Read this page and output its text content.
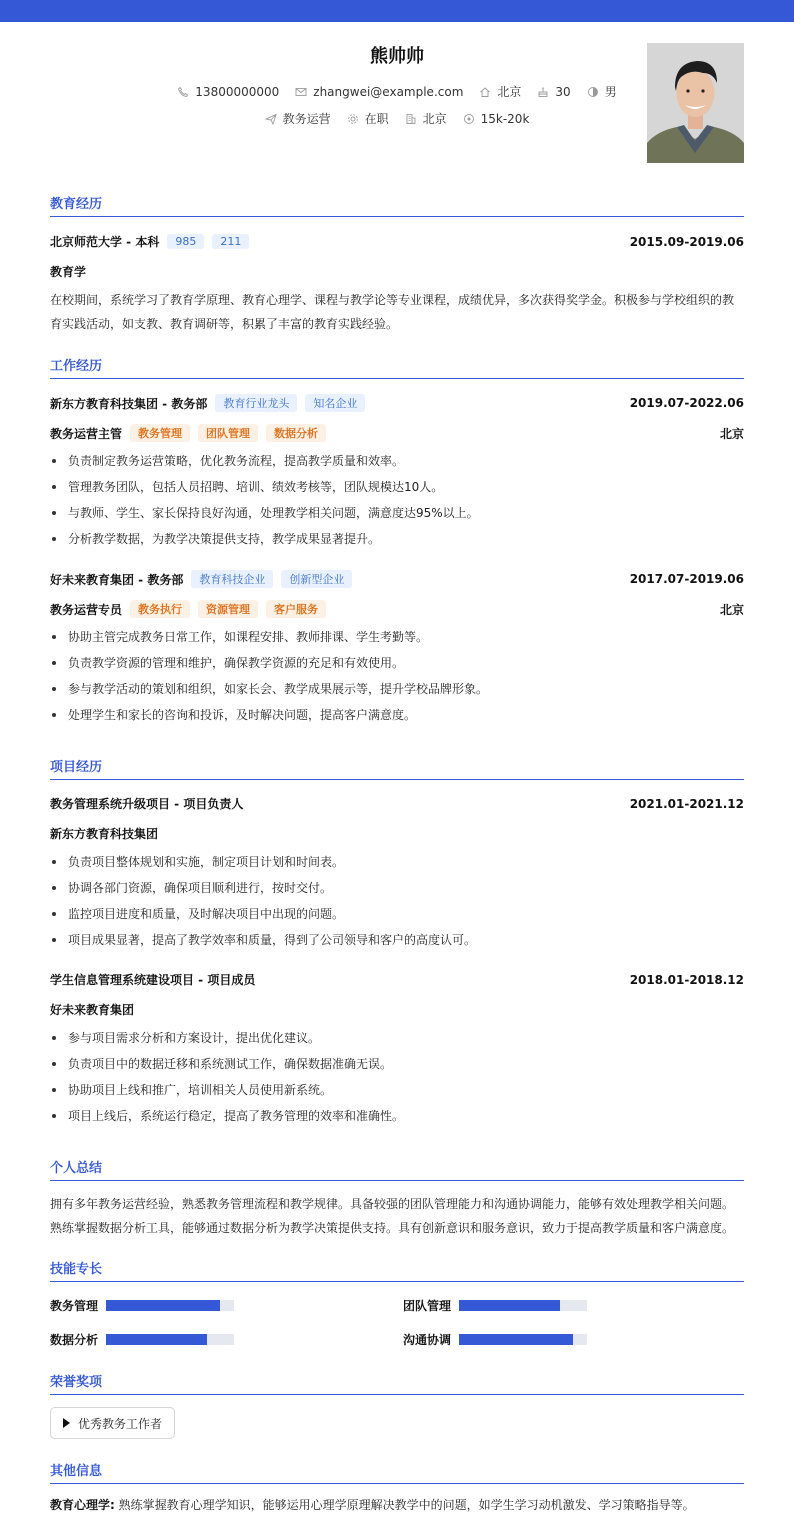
熊帅帅
13800000000	zhangwei@example.com	北京	30	男
教务运营	在职	北京	15k-20k
教育经历
北京师范大学 - 本科	985	211	2015.09-2019.06
教育学
在校期间，系统学习了教育学原理、教育心理学、课程与教学论等专业课程，成绩优异，多次获得奖学金。积极参与学校组织的教育实践活动，如支教、教育调研等，积累了丰富的教育实践经验。
工作经历
新东方教育科技集团 - 教务部	教育行业龙头	知名企业	2019.07-2022.06
教务运营主管	教务管理	团队管理	数据分析	北京
负责制定教务运营策略，优化教务流程，提高教学质量和效率。
管理教务团队，包括人员招聘、培训、绩效考核等，团队规模达10人。
与教师、学生、家长保持良好沟通，处理教学相关问题，满意度达95%以上。
分析教学数据，为教学决策提供支持，教学成果显著提升。
好未来教育集团 - 教务部	教育科技企业	创新型企业	2017.07-2019.06
教务运营专员	教务执行	资源管理	客户服务	北京
协助主管完成教务日常工作，如课程安排、教师排课、学生考勤等。
负责教学资源的管理和维护，确保教学资源的充足和有效使用。
参与教学活动的策划和组织，如家长会、教学成果展示等，提升学校品牌形象。
处理学生和家长的咨询和投诉，及时解决问题，提高客户满意度。
项目经历
教务管理系统升级项目 - 项目负责人	2021.01-2021.12
新东方教育科技集团
负责项目整体规划和实施，制定项目计划和时间表。
协调各部门资源，确保项目顺利进行，按时交付。
监控项目进度和质量，及时解决项目中出现的问题。
项目成果显著，提高了教学效率和质量，得到了公司领导和客户的高度认可。
学生信息管理系统建设项目 - 项目成员	2018.01-2018.12
好未来教育集团
参与项目需求分析和方案设计，提出优化建议。
负责项目中的数据迁移和系统测试工作，确保数据准确无误。
协助项目上线和推广，培训相关人员使用新系统。
项目上线后，系统运行稳定，提高了教务管理的效率和准确性。
个人总结
拥有多年教务运营经验，熟悉教务管理流程和教学规律。具备较强的团队管理能力和沟通协调能力，能够有效处理教学相关问题。熟练掌握数据分析工具，能够通过数据分析为教学决策提供支持。具有创新意识和服务意识，致力于提高教学质量和客户满意度。
技能专长
教务管理	团队管理
数据分析	沟通协调
荣誉奖项
优秀教务工作者
其他信息
教育心理学: 熟练掌握教育心理学知识，能够运用心理学原理解决教学中的问题，如学生学习动机激发、学习策略指导等。
